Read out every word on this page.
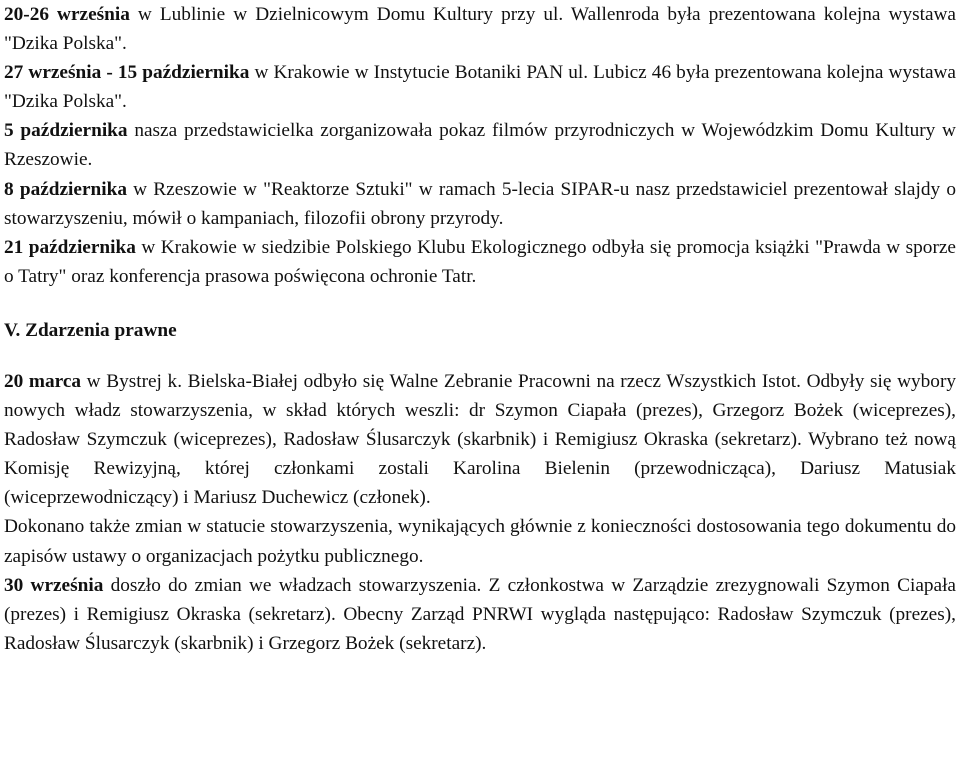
20-26 września w Lublinie w Dzielnicowym Domu Kultury przy ul. Wallenroda była prezentowana kolejna wystawa "Dzika Polska".

27 września - 15 października w Krakowie w Instytucie Botaniki PAN ul. Lubicz 46 była prezentowana kolejna wystawa "Dzika Polska".

5 października nasza przedstawicielka zorganizowała pokaz filmów przyrodniczych w Wojewódzkim Domu Kultury w Rzeszowie.

8 października w Rzeszowie w "Reaktorze Sztuki" w ramach 5-lecia SIPAR-u nasz przedstawiciel prezentował slajdy o stowarzyszeniu, mówił o kampaniach, filozofii obrony przyrody.

21 października w Krakowie w siedzibie Polskiego Klubu Ekologicznego odbyła się promocja książki "Prawda w sporze o Tatry" oraz konferencja prasowa poświęcona ochronie Tatr.

V. Zdarzenia prawne

20 marca w Bystrej k. Bielska-Białej odbyło się Walne Zebranie Pracowni na rzecz Wszystkich Istot. Odbyły się wybory nowych władz stowarzyszenia, w skład których weszli: dr Szymon Ciapała (prezes), Grzegorz Bożek (wiceprezes), Radosław Szymczuk (wiceprezes), Radosław Ślusarczyk (skarbnik) i Remigiusz Okraska (sekretarz). Wybrano też nową Komisję Rewizyjną, której członkami zostali Karolina Bielenin (przewodnicząca), Dariusz Matusiak (wiceprzewodniczący) i Mariusz Duchewicz (członek).

Dokonano także zmian w statucie stowarzyszenia, wynikających głównie z konieczności dostosowania tego dokumentu do zapisów ustawy o organizacjach pożytku publicznego.

30 września doszło do zmian we władzach stowarzyszenia. Z członkostwa w Zarządzie zrezygnowali Szymon Ciapała (prezes) i Remigiusz Okraska (sekretarz). Obecny Zarząd PNRWI wygląda następująco: Radosław Szymczuk (prezes), Radosław Ślusarczyk (skarbnik) i Grzegorz Bożek (sekretarz).
